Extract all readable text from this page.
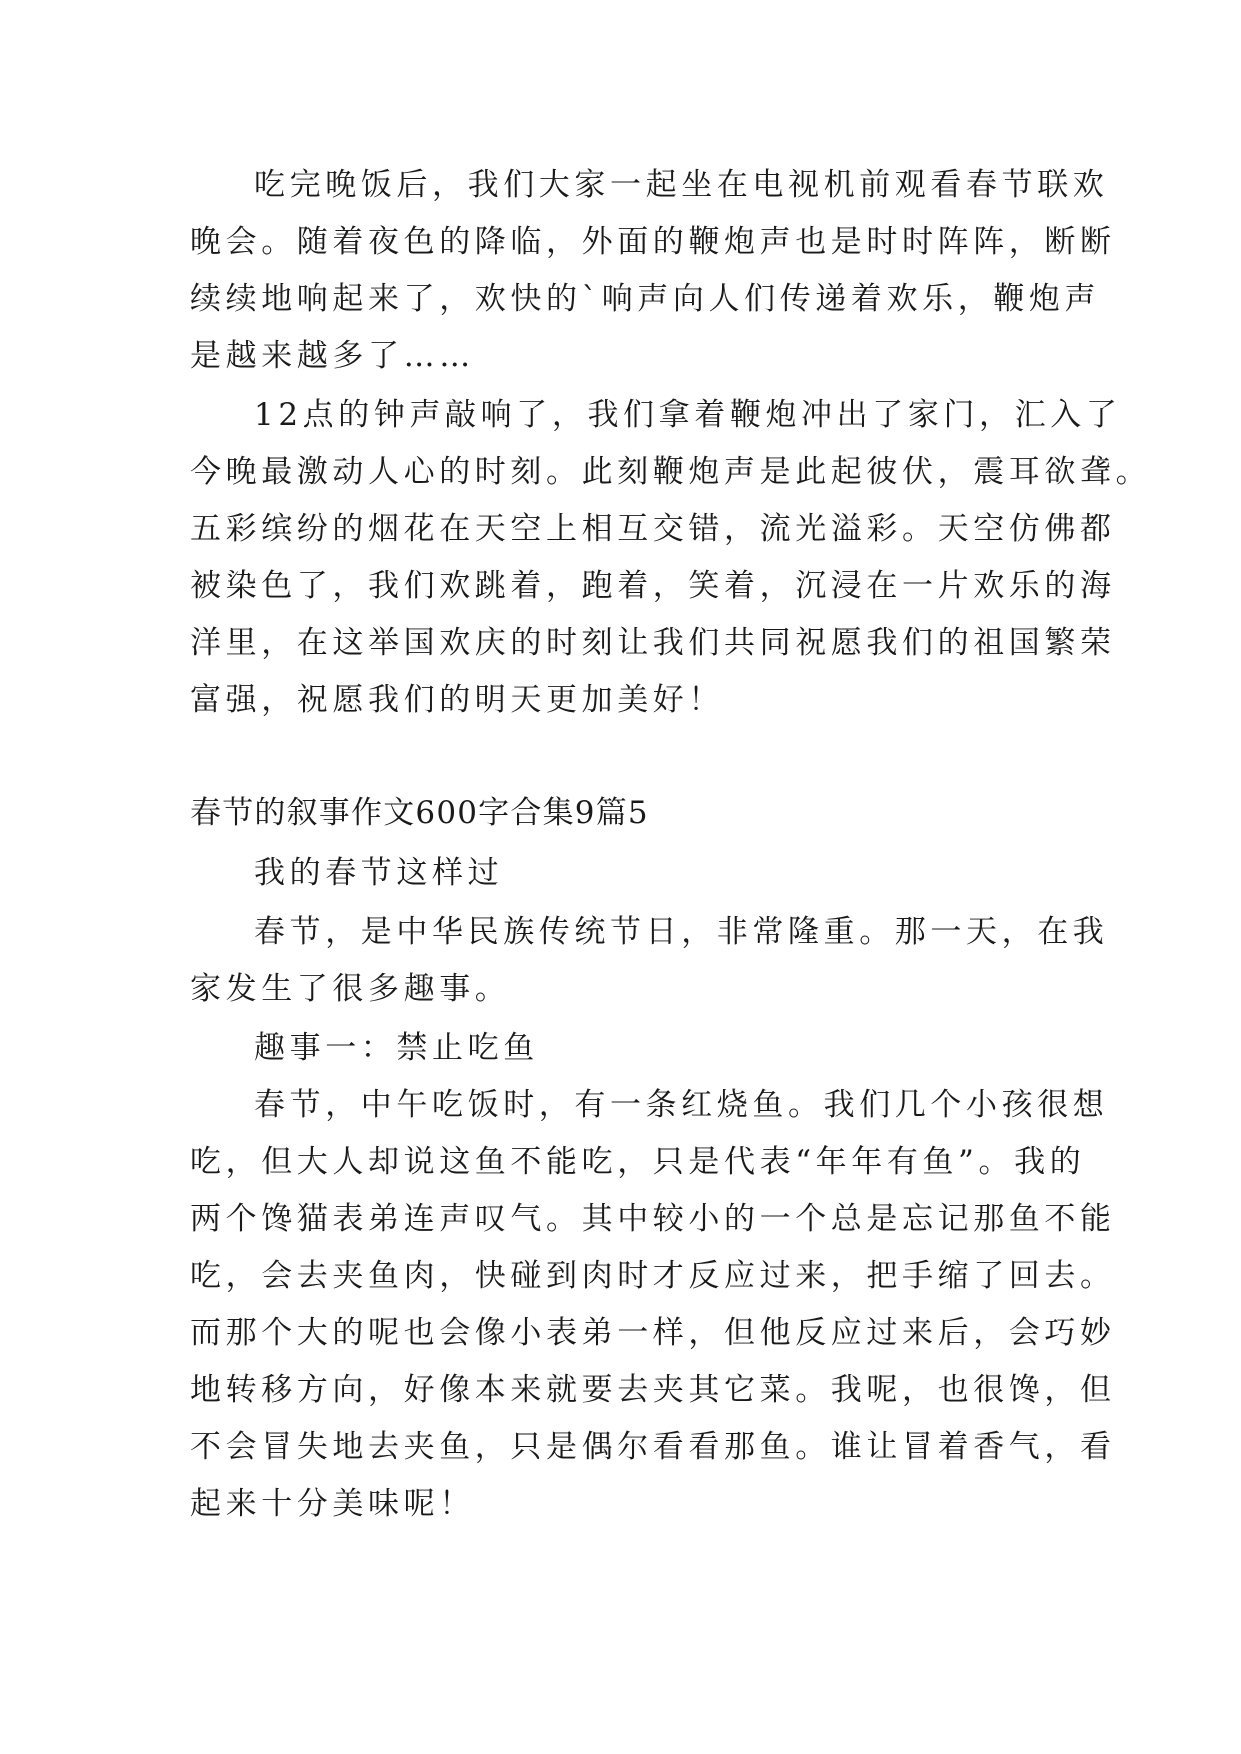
吃完晚饭后，我们大家一起坐在电视机前观看春节联欢
晚会。随着夜色的降临，外面的鞭炮声也是时时阵阵，断断
续续地响起来了，欢快的`响声向人们传递着欢乐，鞭炮声
是越来越多了……
12点的钟声敲响了，我们拿着鞭炮冲出了家门，汇入了
今晚最激动人心的时刻。此刻鞭炮声是此起彼伏，震耳欲聋。
五彩缤纷的烟花在天空上相互交错，流光溢彩。天空仿佛都
被染色了，我们欢跳着，跑着，笑着，沉浸在一片欢乐的海
洋里，在这举国欢庆的时刻让我们共同祝愿我们的祖国繁荣
富强，祝愿我们的明天更加美好！
春节的叙事作文600字合集9篇5
我的春节这样过
春节，是中华民族传统节日，非常隆重。那一天，在我
家发生了很多趣事。
趣事一：禁止吃鱼
春节，中午吃饭时，有一条红烧鱼。我们几个小孩很想
吃，但大人却说这鱼不能吃，只是代表“年年有鱼”。我的
两个馋猫表弟连声叹气。其中较小的一个总是忘记那鱼不能
吃，会去夹鱼肉，快碰到肉时才反应过来，把手缩了回去。
而那个大的呢也会像小表弟一样，但他反应过来后，会巧妙
地转移方向，好像本来就要去夹其它菜。我呢，也很馋，但
不会冒失地去夹鱼，只是偶尔看看那鱼。谁让冒着香气，看
起来十分美味呢！
